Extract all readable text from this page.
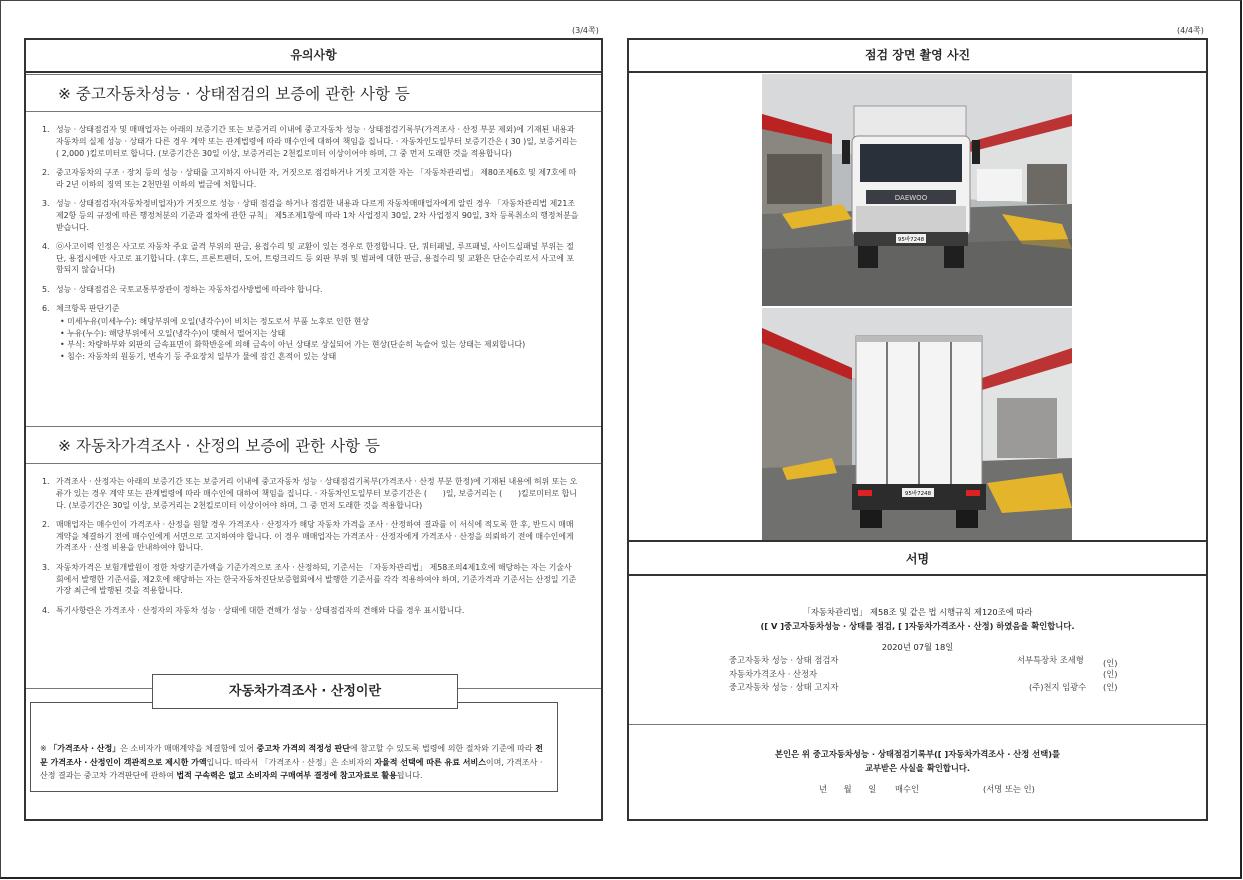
(3/4쪽)
유의사항
※ 중고자동차성능 · 상태점검의 보증에 관한 사항 등
1. 성능 · 상태점검자 및 매매업자는 아래의 보증기간 또는 보증거리 이내에 중고자동차 성능 · 상태점검기록부(가격조사 · 산정 부분 제외)에 기재된 내용과 자동차의 실제 성능 · 상태가 다른 경우 계약 또는 관계법령에 따라 매수인에 대하여 책임을 집니다. · 자동차인도일부터 보증기간은 ( 30 )일, 보증거리는 ( 2,000 )킬로미터로 합니다. (보증기간은 30일 이상, 보증거리는 2천킬로미터 이상이어야 하며, 그 중 먼저 도래한 것을 적용합니다)
2. 중고자동차의 구조 · 장치 등의 성능 · 상태를 고지하지 아니한 자, 거짓으로 점검하거나 거짓 고지한 자는 「자동차관리법」 제80조제6호 및 제7호에 따라 2년 이하의 징역 또는 2천만원 이하의 벌금에 처합니다.
3. 성능 · 상태점검자(자동차정비업자)가 거짓으로 성능 · 상태 점검을 하거나 점검한 내용과 다르게 자동차매매업자에게 알린 경우 「자동차관리법 제21조제2항 등의 규정에 따른 행정처분의 기준과 절차에 관한 규칙」 제5조제1항에 따라 1차 사업정지 30일, 2차 사업정지 90일, 3차 등록취소의 행정처분을 받습니다.
4. ㉧사고이력 인정은 사고로 자동차 주요 골격 부위의 판금, 용접수리 및 교환이 있는 경우로 한정합니다. 단, 쿼터패널, 루프패널, 사이드실패널 부위는 절단, 용접시에만 사고로 표기합니다. (후드, 프론트펜더, 도어, 트렁크리드 등 외판 부위 및 범퍼에 대한 판금, 용접수리 및 교환은 단순수리로서 사고에 포함되지 않습니다)
5. 성능 · 상태점검은 국토교통부장관이 정하는 자동차검사방법에 따라야 합니다.
6. 체크항목 판단기준
• 미세누유(미세누수): 해당부위에 오일(냉각수)이 비치는 정도로서 부품 노후로 인한 현상
• 누유(누수): 해당부위에서 오일(냉각수)이 맺혀서 떨어지는 상태
• 부식: 차량하부와 외판의 금속표면이 화학반응에 의해 금속이 아닌 상태로 상실되어 가는 현상(단순히 녹슬어 있는 상태는 제외합니다)
• 침수: 자동차의 원동기, 변속기 등 주요장치 일부가 물에 잠긴 흔적이 있는 상태
※ 자동차가격조사 · 산정의 보증에 관한 사항 등
1. 가격조사 · 산정자는 아래의 보증기간 또는 보증거리 이내에 중고자동차 성능 · 상태점검기록부(가격조사 · 산정 부분 한정)에 기재된 내용에 허위 또는 오류가 있는 경우 계약 또는 관계법령에 따라 매수인에 대하여 책임을 집니다. · 자동차인도일부터 보증기간은 (　　)일, 보증거리는 (　　)킬로미터로 합니다. (보증기간은 30일 이상, 보증거리는 2천킬로미터 이상이어야 하며, 그 중 먼저 도래한 것을 적용합니다)
2. 매매업자는 매수인이 가격조사 · 산정을 원할 경우 가격조사 · 산정자가 해당 자동차 가격을 조사 · 산정하여 결과를 이 서식에 적도록 한 후, 반드시 매매계약을 체결하기 전에 매수인에게 서면으로 고지하여야 합니다. 이 경우 매매업자는 가격조사 · 산정자에게 가격조사 · 산정을 의뢰하기 전에 매수인에게 가격조사 · 산정 비용을 안내하여야 합니다.
3. 자동차가격은 보험개발원이 정한 차량기준가액을 기준가격으로 조사 · 산정하되, 기준서는 「자동차관리법」 제58조의4제1호에 해당하는 자는 기술사회에서 발행한 기준서를, 제2호에 해당하는 자는 한국자동차진단보증협회에서 발행한 기준서를 각각 적용하여야 하며, 기준가격과 기준서는 산정일 기준 가장 최근에 발행된 것을 적용합니다.
4. 특기사항란은 가격조사 · 산정자의 자동차 성능 · 상태에 대한 견해가 성능 · 상태점검자의 견해와 다를 경우 표시합니다.
자동차가격조사 · 산정이란
※ 「가격조사 · 산정」은 소비자가 매매계약을 체결함에 있어 중고차 가격의 적정성 판단에 참고할 수 있도록 법령에 의한 절차와 기준에 따라 전문 가격조사 · 산정인이 객관적으로 제시한 가액입니다. 따라서 「가격조사 · 산정」은 소비자의 자율적 선택에 따른 유료 서비스이며, 가격조사 · 산정 결과는 중고차 가격판단에 관하여 법적 구속력은 없고 소비자의 구매여부 결정에 참고자료로 활용됩니다.
(4/4쪽)
점검 장면 촬영 사진
서명
「자동차관리법」 제58조 및 같은 법 시행규칙 제120조에 따라
([ V ]중고자동차성능 · 상태를 점검, [ ]자동차가격조사 · 산정) 하였음을 확인합니다.
2020년 07월 18일
중고자동차 성능 · 상태 점검자	서부특장차 조세형 (인)
자동차가격조사 · 산정자	(인)
중고자동차 성능 · 상태 고지자	(주)천지 임광수 (인)
본인은 위 중고자동차성능 · 상태점검기록부([ ]자동차가격조사 · 산정 선택)를
교부받은 사실을 확인합니다.
년　　월　　일 매수인	(서명 또는 인)
DAEWOO
95바7248
95바7248
